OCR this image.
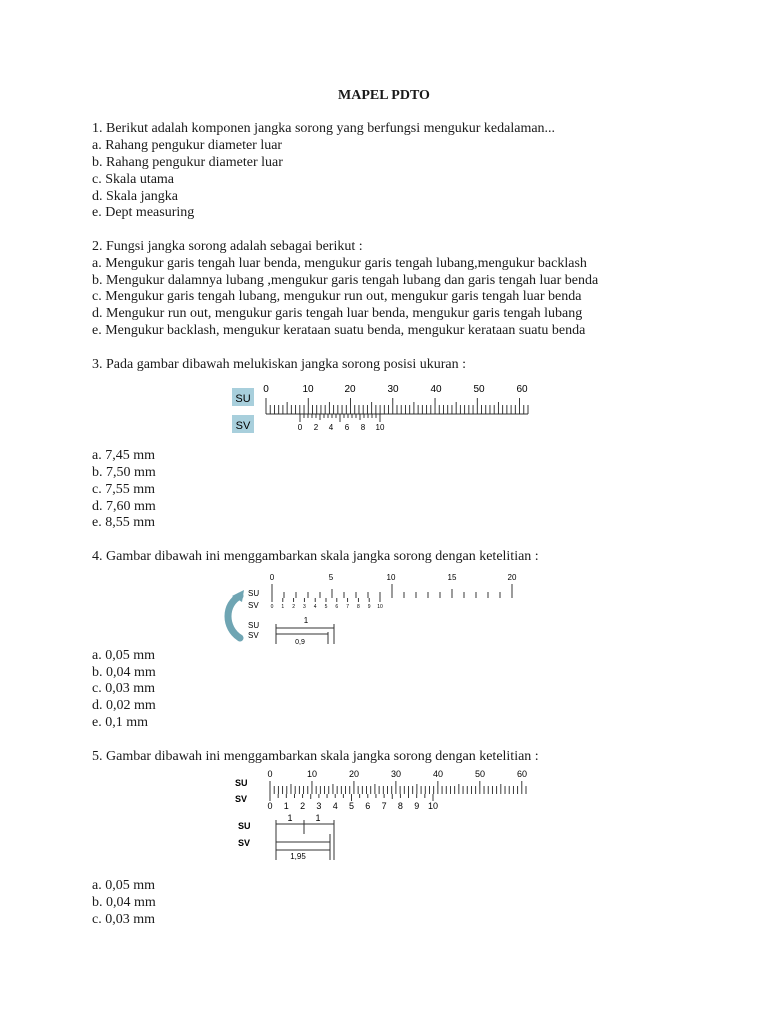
MAPEL PDTO
1. Berikut adalah komponen jangka sorong yang berfungsi mengukur kedalaman...
a. Rahang pengukur diameter luar
b. Rahang pengukur diameter luar
c. Skala utama
d. Skala jangka
e. Dept measuring
2. Fungsi jangka sorong adalah sebagai berikut :
a. Mengukur garis tengah luar benda, mengukur garis tengah lubang,mengukur backlash
b. Mengukur dalamnya lubang ,mengukur garis tengah lubang dan garis tengah luar benda
c. Mengukur garis tengah lubang, mengukur run out, mengukur garis tengah luar benda
d. Mengukur run out, mengukur garis tengah luar benda, mengukur garis tengah lubang
e. Mengukur backlash, mengukur kerataan suatu benda, mengukur kerataan suatu benda
3. Pada gambar dibawah melukiskan jangka sorong posisi ukuran :
SU
SV
0	10	20	30	40	50	60
0 2 4 6 8 10
a. 7,45 mm
b. 7,50 mm
c. 7,55 mm
d. 7,60 mm
e. 8,55 mm
4. Gambar dibawah ini menggambarkan skala jangka sorong dengan ketelitian :
SU
SV
0	5	10	15	20
0 1 2 3 4 5 6 7 8 9 10
SU
SV
1
0,9
a. 0,05 mm
b. 0,04 mm
c. 0,03 mm
d. 0,02 mm
e. 0,1 mm
5. Gambar dibawah ini menggambarkan skala jangka sorong dengan ketelitian :
SU
SV
0	10	20	30	40	50	60
0 1 2 3 4 5 6 7 8 9 10
SU
SV
1	1
1,95
a. 0,05 mm
b. 0,04 mm
c. 0,03 mm
